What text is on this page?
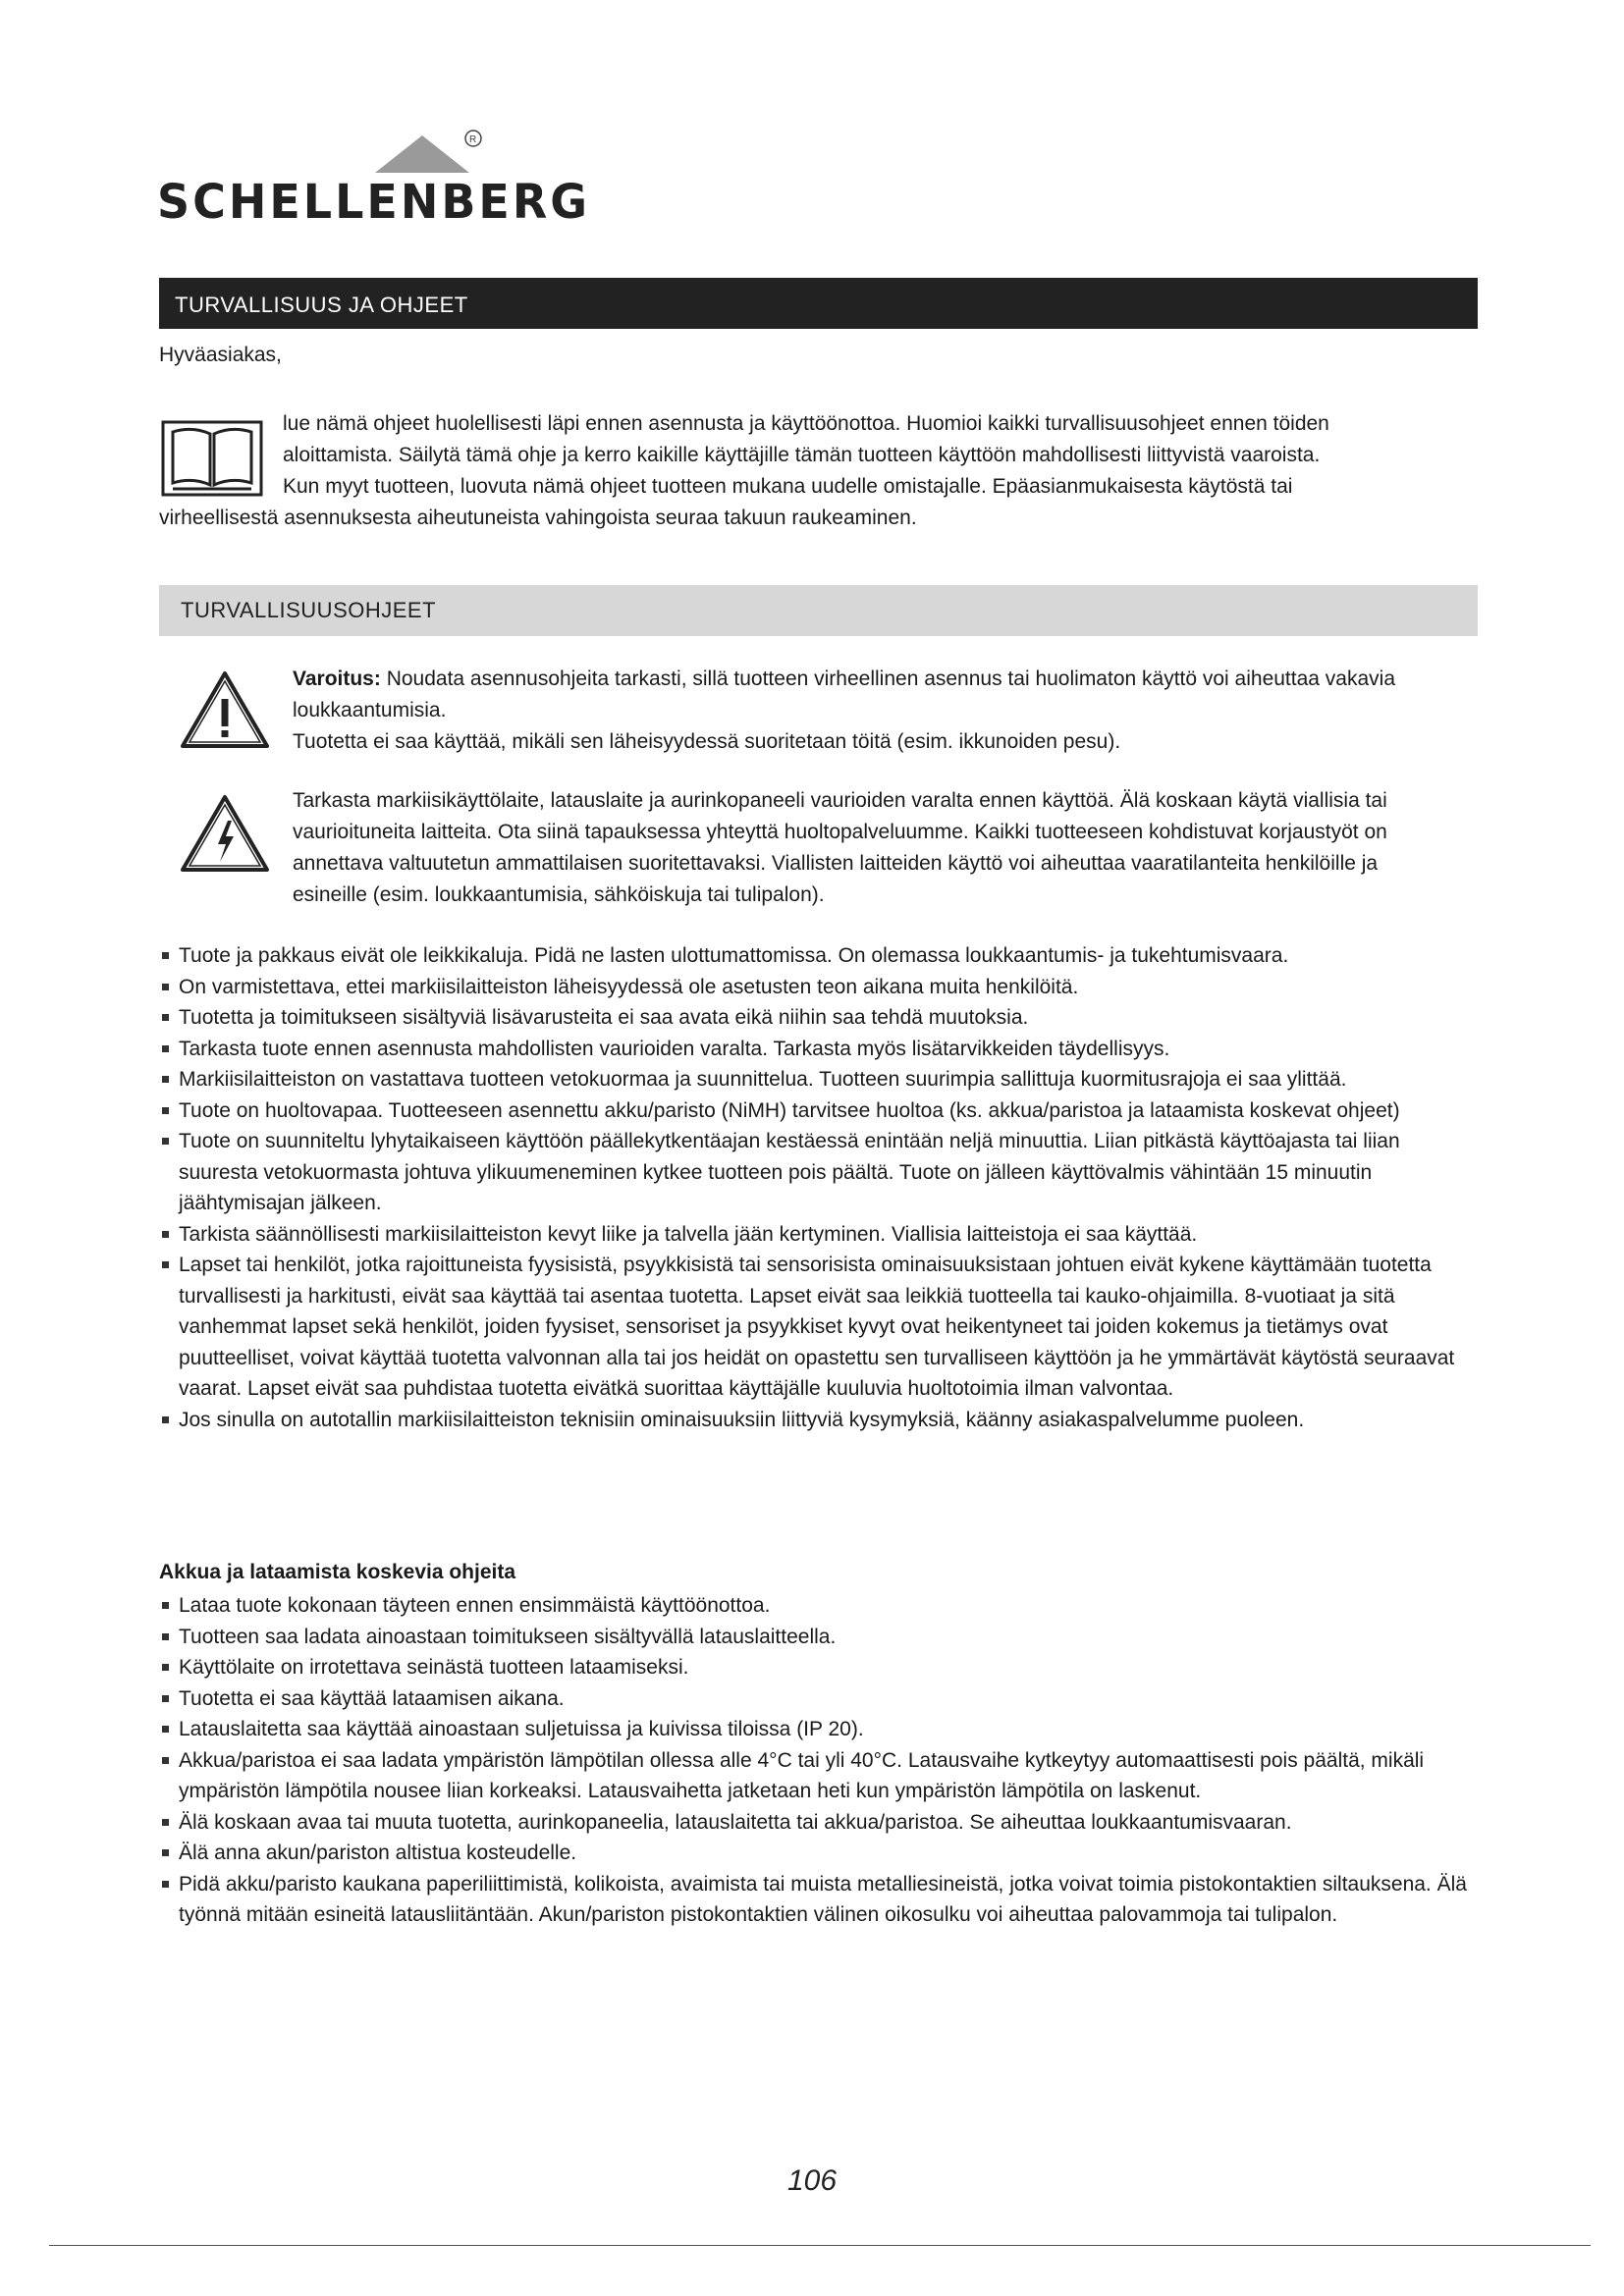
R
SCHELLENBERG
TURVALLISUUS JA OHJEET
Hyväasiakas,
lue nämä ohjeet huolellisesti läpi ennen asennusta ja käyttöönottoa. Huomioi kaikki turvallisuusohjeet ennen töiden
aloittamista. Säilytä tämä ohje ja kerro kaikille käyttäjille tämän tuotteen käyttöön mahdollisesti liittyvistä vaaroista.
Kun myyt tuotteen, luovuta nämä ohjeet tuotteen mukana uudelle omistajalle. Epäasianmukaisesta käytöstä tai
virheellisestä asennuksesta aiheutuneista vahingoista seuraa takuun raukeaminen.
TURVALLISUUSOHJEET

Varoitus: Noudata asennusohjeita tarkasti, sillä tuotteen virheellinen asennus tai huolimaton käyttö voi aiheuttaa vakavia loukkaantumisia.

Tuotetta ei saa käyttää, mikäli sen läheisyydessä suoritetaan töitä (esim. ikkunoiden pesu).

Tarkasta markiisikäyttölaite, latauslaite ja aurinkopaneeli vaurioiden varalta ennen käyttöä. Älä koskaan käytä viallisia tai vaurioituneita laitteita. Ota siinä tapauksessa yhteyttä huoltopalveluumme. Kaikki tuotteeseen kohdistuvat korjaustyöt on annettava valtuutetun ammattilaisen suoritettavaksi. Viallisten laitteiden käyttö voi aiheuttaa vaaratilanteita henkilöille ja esineille (esim. loukkaantumisia, sähköiskuja tai tulipalon).

Tuote ja pakkaus eivät ole leikkikaluja. Pidä ne lasten ulottumattomissa. On olemassa loukkaantumis- ja tukehtumisvaara.
On varmistettava, ettei markiisilaitteiston läheisyydessä ole asetusten teon aikana muita henkilöitä.
Tuotetta ja toimitukseen sisältyviä lisävarusteita ei saa avata eikä niihin saa tehdä muutoksia.
Tarkasta tuote ennen asennusta mahdollisten vaurioiden varalta. Tarkasta myös lisätarvikkeiden täydellisyys.
Markiisilaitteiston on vastattava tuotteen vetokuormaa ja suunnittelua. Tuotteen suurimpia sallittuja kuormitusrajoja ei saa ylittää.
Tuote on huoltovapaa. Tuotteeseen asennettu akku/paristo (NiMH) tarvitsee huoltoa (ks. akkua/paristoa ja lataamista koskevat ohjeet)
Tuote on suunniteltu lyhytaikaiseen käyttöön päällekytkentäajan kestäessä enintään neljä minuuttia. Liian pitkästä käyttöajasta tai liian suuresta vetokuormasta johtuva ylikuumeneminen kytkee tuotteen pois päältä. Tuote on jälleen käyttövalmis vähintään 15 minuutin jäähtymisajan jälkeen.
Tarkista säännöllisesti markiisilaitteiston kevyt liike ja talvella jään kertyminen. Viallisia laitteistoja ei saa käyttää.
Lapset tai henkilöt, jotka rajoittuneista fyysisistä, psyykkisistä tai sensorisista ominaisuuksistaan johtuen eivät kykene käyttämään tuotetta turvallisesti ja harkitusti, eivät saa käyttää tai asentaa tuotetta. Lapset eivät saa leikkiä tuotteella tai kauko-ohjaimilla. 8-vuotiaat ja sitä vanhemmat lapset sekä henkilöt, joiden fyysiset, sensoriset ja psyykkiset kyvyt ovat heikentyneet tai joiden kokemus ja tietämys ovat puutteelliset, voivat käyttää tuotetta valvonnan alla tai jos heidät on opastettu sen turvalliseen käyttöön ja he ymmärtävät käytöstä seuraavat vaarat. Lapset eivät saa puhdistaa tuotetta eivätkä suorittaa käyttäjälle kuuluvia huoltotoimia ilman valvontaa.
Jos sinulla on autotallin markiisilaitteiston teknisiin ominaisuuksiin liittyviä kysymyksiä, käänny asiakaspalvelumme puoleen.
Akkua ja lataamista koskevia ohjeita
Lataa tuote kokonaan täyteen ennen ensimmäistä käyttöönottoa.
Tuotteen saa ladata ainoastaan toimitukseen sisältyvällä latauslaitteella.
Käyttölaite on irrotettava seinästä tuotteen lataamiseksi.
Tuotetta ei saa käyttää lataamisen aikana.
Latauslaitetta saa käyttää ainoastaan suljetuissa ja kuivissa tiloissa (IP 20).
Akkua/paristoa ei saa ladata ympäristön lämpötilan ollessa alle 4°C tai yli 40°C. Latausvaihe kytkeytyy automaattisesti pois päältä, mikäli ympäristön lämpötila nousee liian korkeaksi. Latausvaihetta jatketaan heti kun ympäristön lämpötila on laskenut.
Älä koskaan avaa tai muuta tuotetta, aurinkopaneelia, latauslaitetta tai akkua/paristoa. Se aiheuttaa loukkaantumisvaaran.
Älä anna akun/pariston altistua kosteudelle.
Pidä akku/paristo kaukana paperiliittimistä, kolikoista, avaimista tai muista metalliesineistä, jotka voivat toimia pistokontaktien siltauksena. Älä työnnä mitään esineitä latausliitäntään. Akun/pariston pistokontaktien välinen oikosulku voi aiheuttaa palovammoja tai tulipalon.
106
